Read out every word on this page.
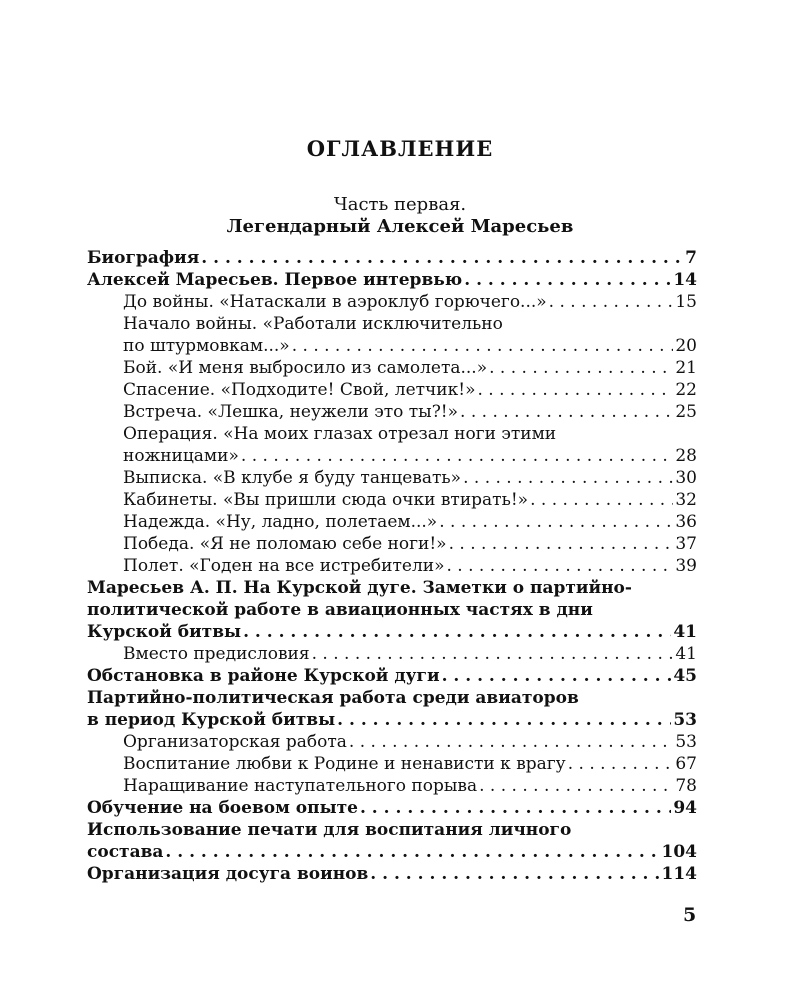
ОГЛАВЛЕНИЕ
Часть первая.
Легендарный Алексей Маресьев
Биография . . .	7
Алексей Маресьев. Первое интервью . . .	14
До войны. «Натаскали в аэроклуб горючего...» . . .	15
Начало войны. «Работали исключительно
по штурмовкам...» . . .	20
Бой. «И меня выбросило из самолета...» . . .	21
Спасение. «Подходите! Свой, летчик!» . . .	22
Встреча. «Лешка, неужели это ты?!» . . .	25
Операция. «На моих глазах отрезал ноги этими
ножницами» . . .	28
Выписка. «В клубе я буду танцевать» . . .	30
Кабинеты. «Вы пришли сюда очки втирать!» . . .	32
Надежда. «Ну, ладно, полетаем...» . . .	36
Победа. «Я не поломаю себе ноги!» . . .	37
Полет. «Годен на все истребители» . . .	39
Маресьев А. П. На Курской дуге. Заметки о партийно-
политической работе в авиационных частях в дни
Курской битвы . . .	41
Вместо предисловия . . .	41
Обстановка в районе Курской дуги . . .	45
Партийно-политическая работа среди авиаторов
в период Курской битвы . . .	53
Организаторская работа . . .	53
Воспитание любви к Родине и ненависти к врагу . . .	67
Наращивание наступательного порыва . . .	78
Обучение на боевом опыте . . .	94
Использование печати для воспитания личного
состава . . .	104
Организация досуга воинов . . .	114
5
